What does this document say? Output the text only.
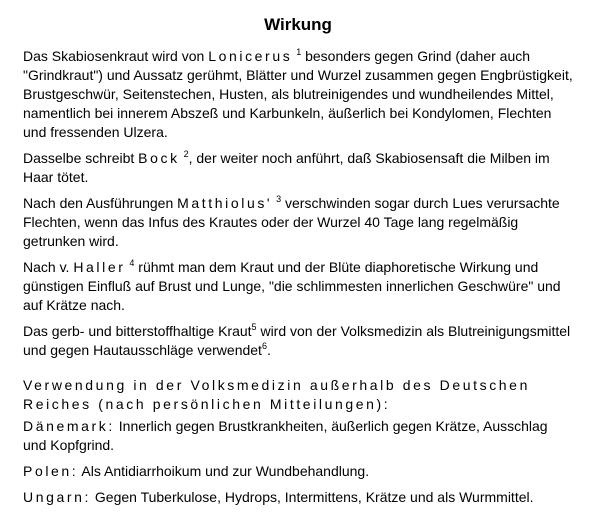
Wirkung

Das Skabiosenkraut wird von Lonicerus $^1$ besonders gegen Grind (daher auch "Grindkraut") und Aussatz gerühmt, Blätter und Wurzel zusammen gegen Engbrüstigkeit, Brustgeschwür, Seitenstechen, Husten, als blutreinigendes und wundheilendes Mittel, namentlich bei innerem Abszeß und Karbunkeln, äußerlich bei Kondylomen, Flechten und fressenden Ulzera.

Dasselbe schreibt Bock $^2$, der weiter noch anführt, daß Skabiosensaft die Milben im Haar tötet.

Nach den Ausführungen Matthiolus' $^3$ verschwinden sogar durch Lues verursachte Flechten, wenn das Infus des Krautes oder der Wurzel 40 Tage lang regelmäßig getrunken wird.

Nach v. Haller $^4$ rühmt man dem Kraut und der Blüte diaphoretische Wirkung und günstigen Einfluß auf Brust und Lunge, "die schlimmesten innerlichen Geschwüre" und auf Krätze nach.

Das gerb- und bitterstoffhaltige Kraut$^5$ wird von der Volksmedizin als Blutreinigungsmittel und gegen Hautausschläge verwendet$^6$.

Verwendung in der Volksmedizin außerhalb des Deutschen Reiches (nach persönlichen Mitteilungen):

Dänemark: Innerlich gegen Brustkrankheiten, äußerlich gegen Krätze, Ausschlag und Kopfgrind.

Polen: Als Antidiarrhoikum und zur Wundbehandlung.

Ungarn: Gegen Tuberkulose, Hydrops, Intermittens, Krätze und als Wurmmittel.
